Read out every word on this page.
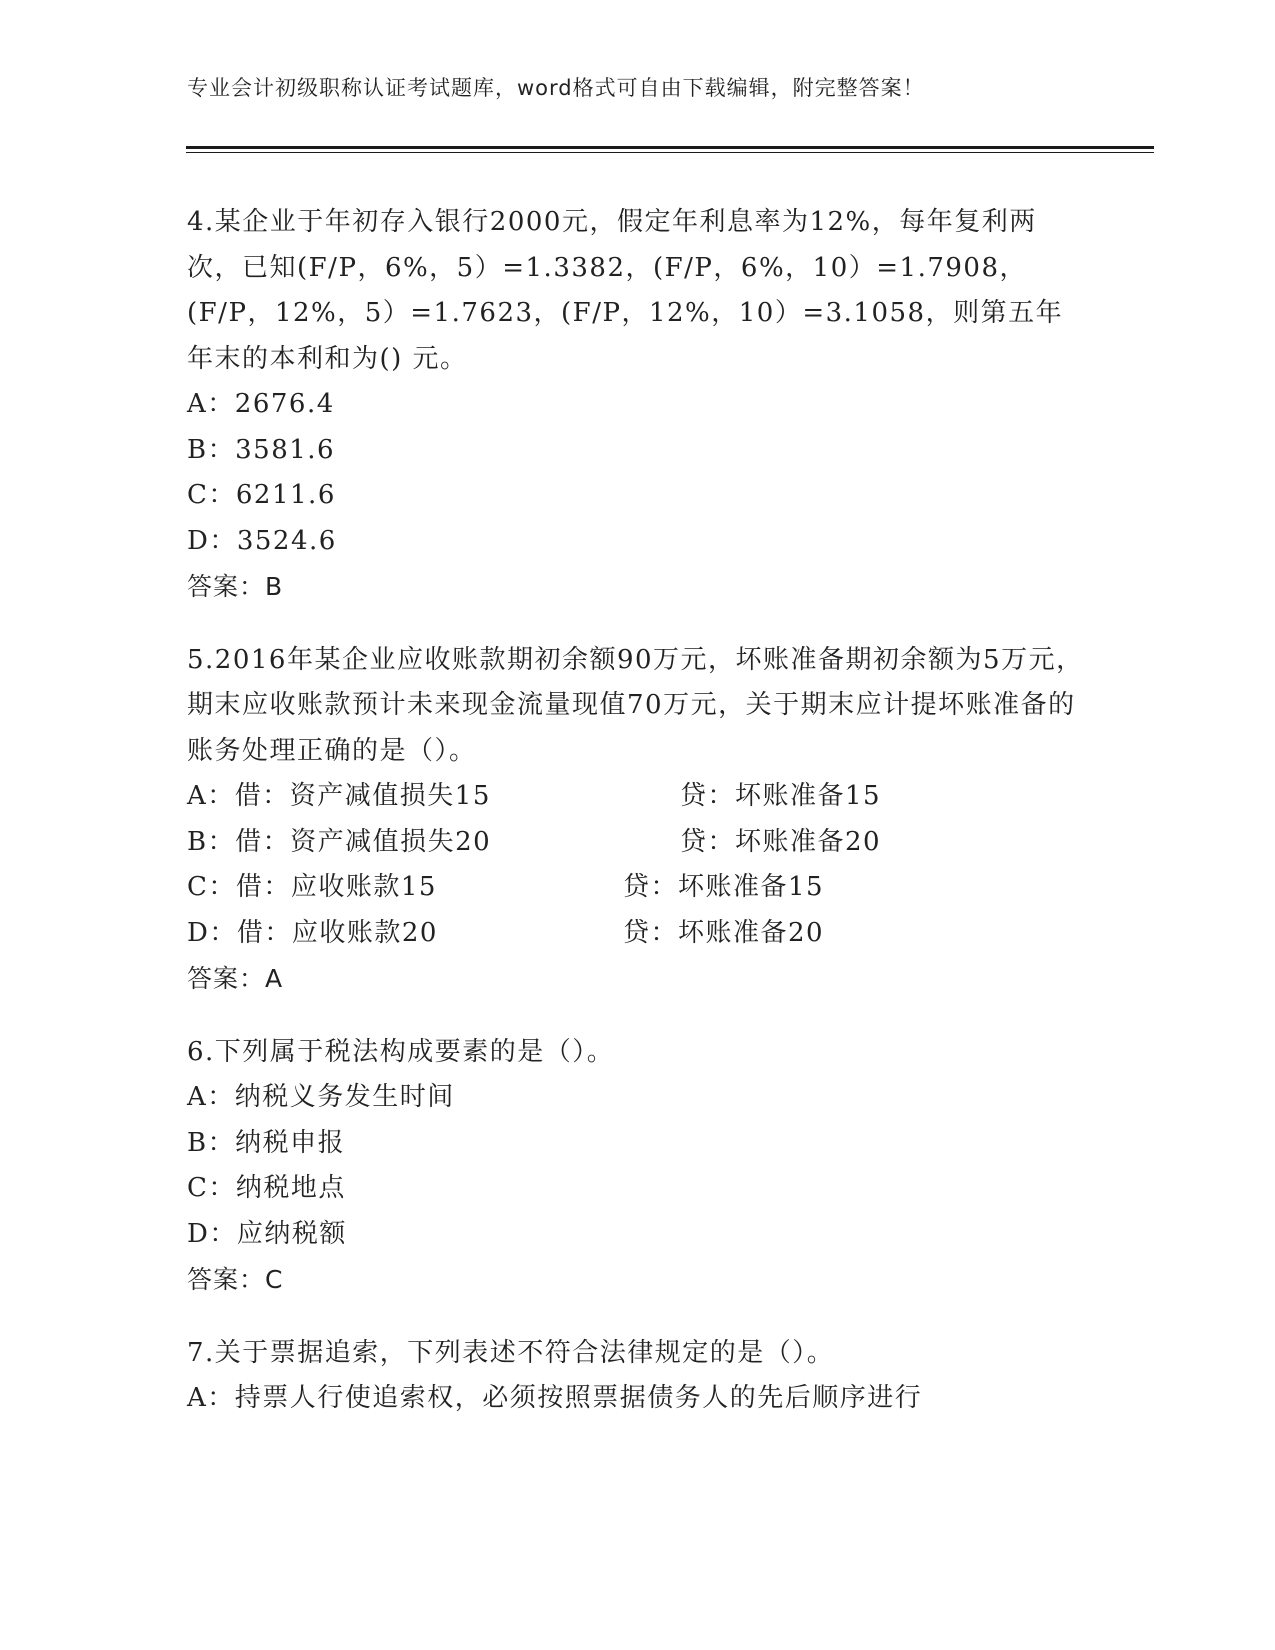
专业会计初级职称认证考试题库，word格式可自由下载编辑，附完整答案！

4.某企业于年初存入银行2000元，假定年利息率为12%，每年复利两次，已知(F/P，6%，5）=1.3382，(F/P，6%，10）=1.7908，(F/P，12%，5）=1.7623，(F/P，12%，10）=3.1058，则第五年年末的本利和为() 元。

A：2676.4
B：3581.6
C：6211.6
D：3524.6
答案：B

5.2016年某企业应收账款期初余额90万元，坏账准备期初余额为5万元，期末应收账款预计未来现金流量现值70万元，关于期末应计提坏账准备的账务处理正确的是（）。

A：借：资产减值损失15	贷：坏账准备15
B：借：资产减值损失20	贷：坏账准备20
C：借：应收账款15	贷：坏账准备15
D：借：应收账款20	贷：坏账准备20
答案：A

6.下列属于税法构成要素的是（）。

A：纳税义务发生时间
B：纳税申报
C：纳税地点
D：应纳税额
答案：C

7.关于票据追索，下列表述不符合法律规定的是（）。

A：持票人行使追索权，必须按照票据债务人的先后顺序进行
